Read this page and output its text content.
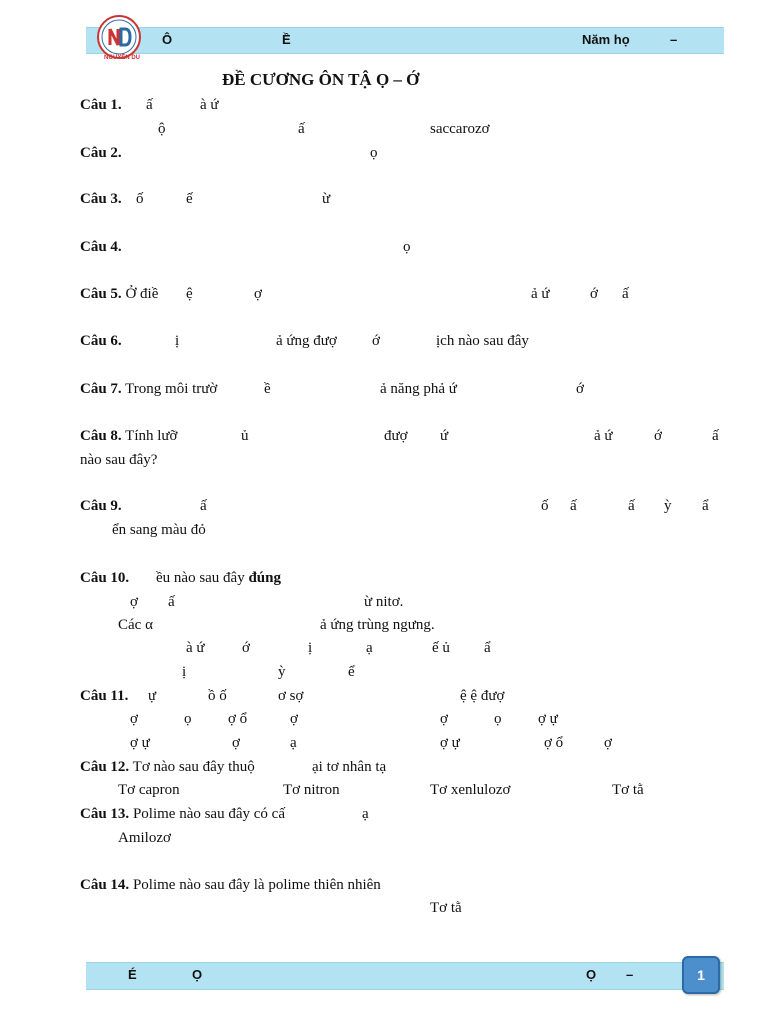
Ô	Ề	Năm họ	–
NGUYỄN DU
ĐỀ CƯƠNG ÔN TẬ Ọ – Ớ
Câu 1. ấ	à ứ
ộ	ấ	saccarozơ
Câu 2.	ọ
Câu 3. ố	ế	ừ
Câu 4.	ọ
Câu 5. Ở điề ệ	ợ	ả ứ	ớ ấ
Câu 6.	ị	ả ứng đượ ớ	ịch nào sau đây
Câu 7. Trong môi trườ	ề	ả năng phả ứ	ớ
Câu 8. Tính lưỡ	ủ	đượ ứ	ả ứ	ớ	ấ
nào sau đây?
Câu 9.	ấ	ố ấ	ấ ỳ ẩ
ển sang màu đỏ
Câu 10. ều nào sau đây đúng
ợ ấ	ừ nitơ.
Các α	ả ứng trùng ngưng.
à ứ ớ	ị	ạ	ế ủ ẩ
ị	ỳ	ể
Câu 11. ự	ồ ố	ơ sợ	ệ ệ đượ
ợ	ọ ợ ổ	ợ	ợ	ọ ợ ự
ợ ự	ợ	ạ	ợ ự	ợ ổ	ợ
Câu 12. Tơ nào sau đây thuộ	ại tơ nhân tạ
Tơ capron	Tơ nitron	Tơ xenlulozơ	Tơ tằ
Câu 13. Polime nào sau đây có cấ	ạ
Amilozơ
Câu 14. Polime nào sau đây là polime thiên nhiên
Tơ tằ
É	Ọ	Ọ –	1
